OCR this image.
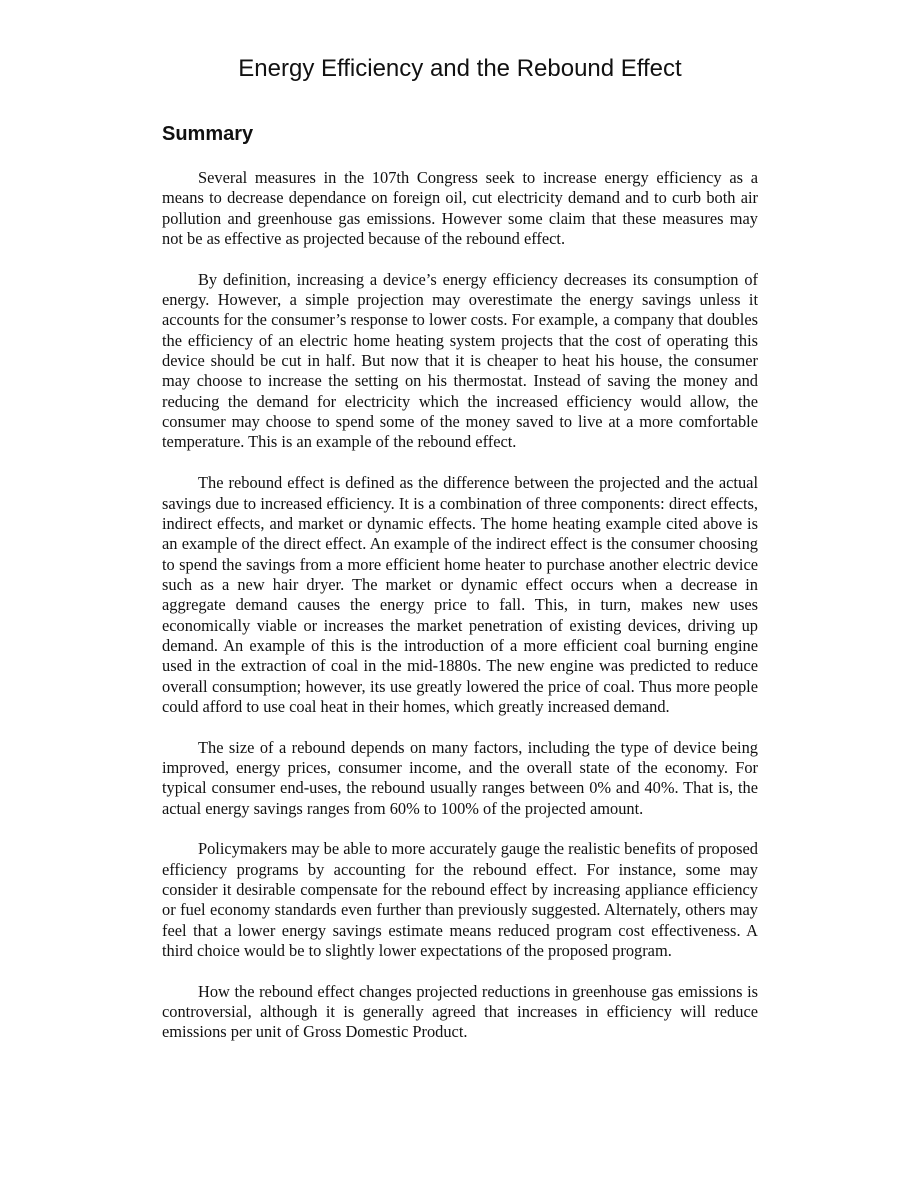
Energy Efficiency and the Rebound Effect
Summary

Several measures in the 107th Congress seek to increase energy efficiency as a means to decrease dependance on foreign oil, cut electricity demand and to curb both air pollution and greenhouse gas emissions. However some claim that these measures may not be as effective as projected because of the rebound effect.

By definition, increasing a device’s energy efficiency decreases its consumption of energy. However, a simple projection may overestimate the energy savings unless it accounts for the consumer’s response to lower costs. For example, a company that doubles the efficiency of an electric home heating system projects that the cost of operating this device should be cut in half. But now that it is cheaper to heat his house, the consumer may choose to increase the setting on his thermostat. Instead of saving the money and reducing the demand for electricity which the increased efficiency would allow, the consumer may choose to spend some of the money saved to live at a more comfortable temperature. This is an example of the rebound effect.

The rebound effect is defined as the difference between the projected and the actual savings due to increased efficiency. It is a combination of three components: direct effects, indirect effects, and market or dynamic effects. The home heating example cited above is an example of the direct effect. An example of the indirect effect is the consumer choosing to spend the savings from a more efficient home heater to purchase another electric device such as a new hair dryer. The market or dynamic effect occurs when a decrease in aggregate demand causes the energy price to fall. This, in turn, makes new uses economically viable or increases the market penetration of existing devices, driving up demand. An example of this is the introduction of a more efficient coal burning engine used in the extraction of coal in the mid-1880s. The new engine was predicted to reduce overall consumption; however, its use greatly lowered the price of coal. Thus more people could afford to use coal heat in their homes, which greatly increased demand.

The size of a rebound depends on many factors, including the type of device being improved, energy prices, consumer income, and the overall state of the economy. For typical consumer end-uses, the rebound usually ranges between 0% and 40%. That is, the actual energy savings ranges from 60% to 100% of the projected amount.

Policymakers may be able to more accurately gauge the realistic benefits of proposed efficiency programs by accounting for the rebound effect. For instance, some may consider it desirable compensate for the rebound effect by increasing appliance efficiency or fuel economy standards even further than previously suggested. Alternately, others may feel that a lower energy savings estimate means reduced program cost effectiveness. A third choice would be to slightly lower expectations of the proposed program.

How the rebound effect changes projected reductions in greenhouse gas emissions is controversial, although it is generally agreed that increases in efficiency will reduce emissions per unit of Gross Domestic Product.
